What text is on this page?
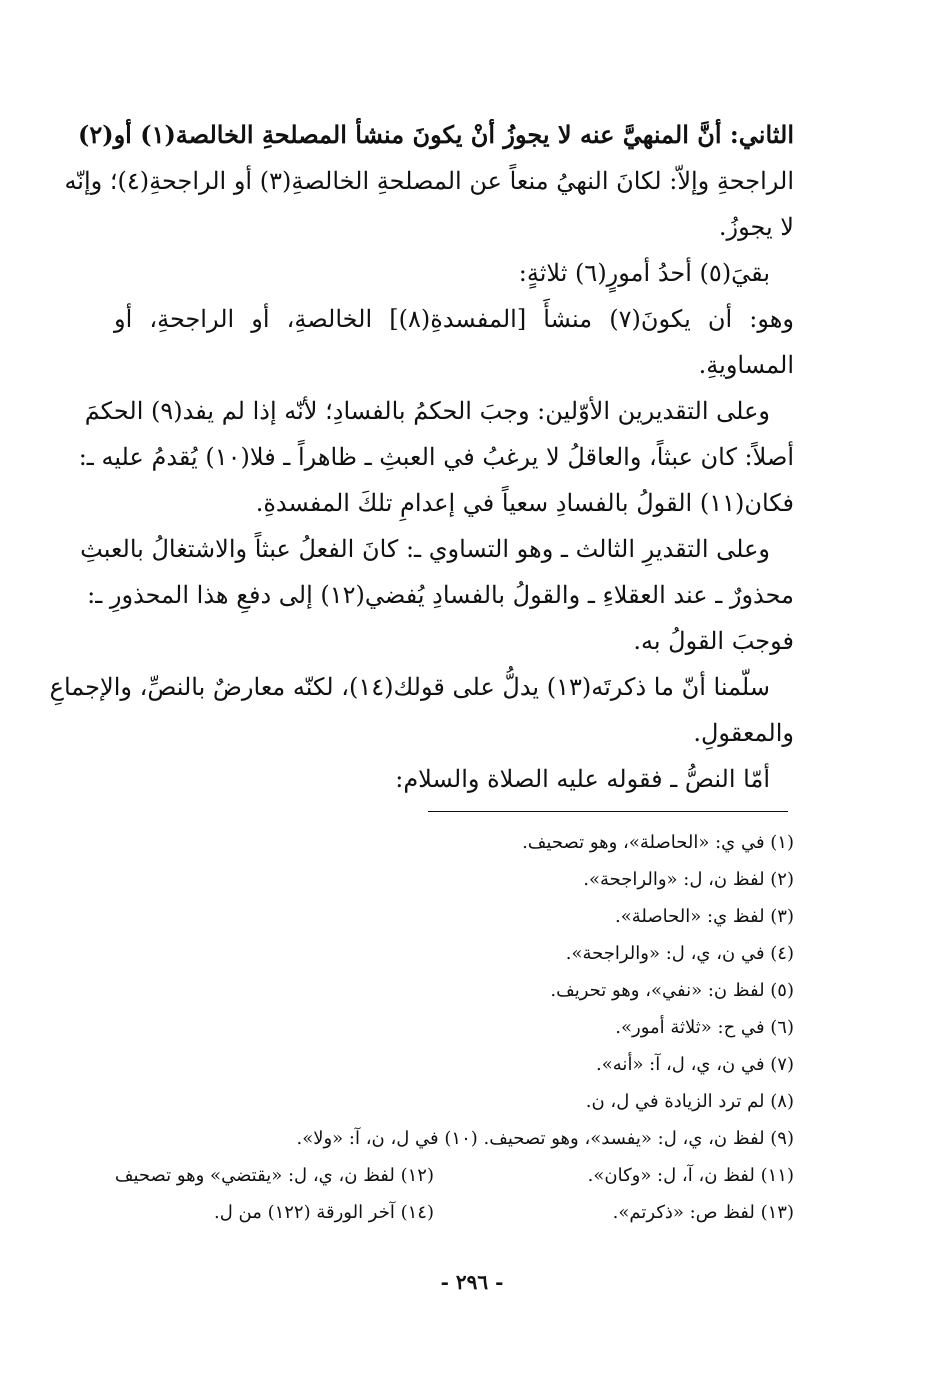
الثاني: أنَّ المنهيَّ عنه لا يجوزُ أنْ يكونَ منشأ المصلحةِ الخالصة(١) أو(٢)
الراجحةِ وإلاّ: لكانَ النهيُ منعاً عن المصلحةِ الخالصةِ(٣) أو الراجحةِ(٤)؛ وإنّه
لا يجوزُ.
بقيَ(٥) أحدُ أمورٍ(٦) ثلاثةٍ:
وهو: أن يكونَ(٧) منشأَ [المفسدةِ(٨)] الخالصةِ، أو الراجحةِ، أو
المساويةِ.
وعلى التقديرين الأوّلين: وجبَ الحكمُ بالفسادِ؛ لأنّه إذا لم يفد(٩) الحكمَ
أصلاً: كان عبثاً، والعاقلُ لا يرغبُ في العبثِ ـ ظاهراً ـ فلا(١٠) يُقدمُ عليه ـ:
فكان(١١) القولُ بالفسادِ سعياً في إعدامِ تلكَ المفسدةِ.
وعلى التقديرِ الثالث ـ وهو التساوي ـ: كانَ الفعلُ عبثاً والاشتغالُ بالعبثِ
محذورٌ ـ عند العقلاءِ ـ والقولُ بالفسادِ يُفضي(١٢) إلى دفعِ هذا المحذورِ ـ:
فوجبَ القولُ به.
سلّمنا أنّ ما ذكرتَه(١٣) يدلُّ على قولك(١٤)، لكنّه معارضٌ بالنصِّ، والإجماعِ
والمعقولِ.
أمّا النصُّ ـ فقوله عليه الصلاة والسلام:
(١) في ي: «الحاصلة»، وهو تصحيف.
(٢) لفظ ن، ل: «والراجحة».
(٣) لفظ ي: «الحاصلة».
(٤) في ن، ي، ل: «والراجحة».
(٥) لفظ ن: «نفي»، وهو تحريف.
(٦) في ح: «ثلاثة أمور».
(٧) في ن، ي، ل، آ: «أنه».
(٨) لم ترد الزيادة في ل، ن.
(٩) لفظ ن، ي، ل: «يفسد»، وهو تصحيف. (١٠) في ل، ن، آ: «ولا».
(١١) لفظ ن، آ، ل: «وكان».
(١٢) لفظ ن، ي، ل: «يقتضي» وهو تصحيف
(١٣) لفظ ص: «ذكرتم».
(١٤) آخر الورقة (١٢٢) من ل.
- ٢٩٦ -
